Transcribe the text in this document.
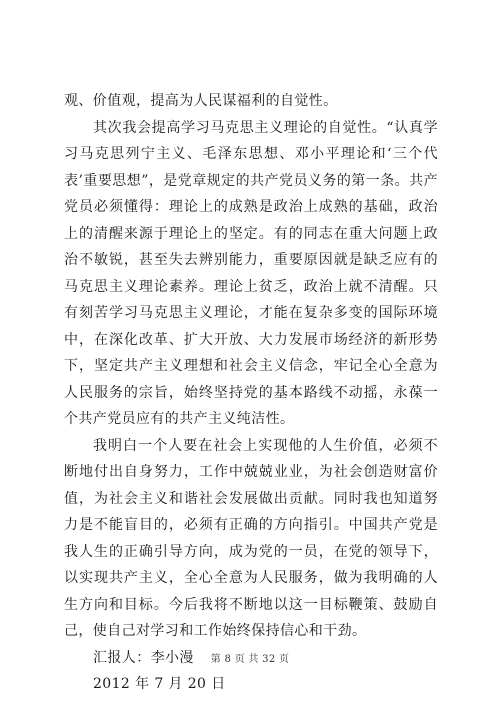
观、价值观，提高为人民谋福利的自觉性。

其次我会提高学习马克思主义理论的自觉性。“认真学习马克思列宁主义、毛泽东思想、邓小平理论和‘三个代表’重要思想”，是党章规定的共产党员义务的第一条。共产党员必须懂得：理论上的成熟是政治上成熟的基础，政治上的清醒来源于理论上的坚定。有的同志在重大问题上政治不敏锐，甚至失去辨别能力，重要原因就是缺乏应有的马克思主义理论素养。理论上贫乏，政治上就不清醒。只有刻苦学习马克思主义理论，才能在复杂多变的国际环境中，在深化改革、扩大开放、大力发展市场经济的新形势下，坚定共产主义理想和社会主义信念，牢记全心全意为人民服务的宗旨，始终坚持党的基本路线不动摇，永葆一个共产党员应有的共产主义纯洁性。

我明白一个人要在社会上实现他的人生价值，必须不断地付出自身努力，工作中兢兢业业，为社会创造财富价值，为社会主义和谐社会发展做出贡献。同时我也知道努力是不能盲目的，必须有正确的方向指引。中国共产党是我人生的正确引导方向，成为党的一员，在党的领导下，以实现共产主义，全心全意为人民服务，做为我明确的人生方向和目标。今后我将不断地以这一目标鞭策、鼓励自己，使自己对学习和工作始终保持信心和干劲。

汇报人：李小漫

2012 年 7 月 20 日

第 8 页 共 32 页
